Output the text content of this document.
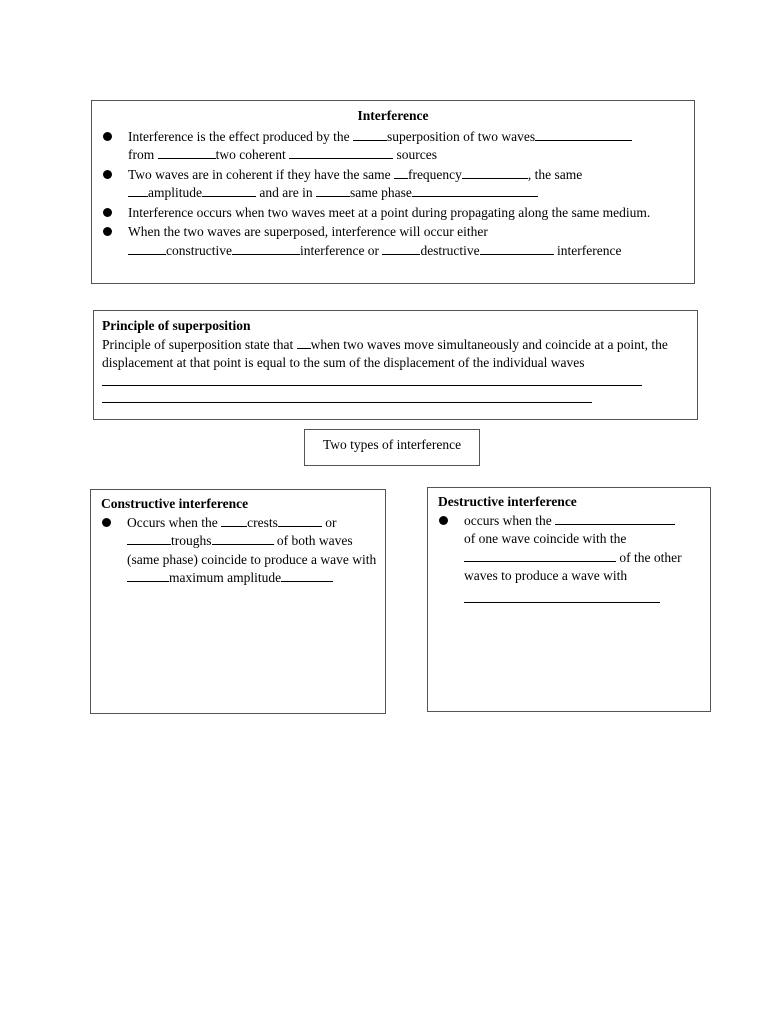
Interference
Interference is the effect produced by the	superposition of two waves
from	two coherent	sources
Two waves are in coherent if they have the same frequency	, the same
amplitude	and are in	same phase
Interference occurs when two waves meet at a point during propagating along the same medium.
When the two waves are superposed, interference will occur either
constructive	interference or	destructive	interference
Principle of superposition
Principle of superposition state that when two waves move simultaneously and coincide at a point, the displacement at that point is equal to the sum of the displacement of the individual waves
Two types of interference
Constructive interference
Occurs when the crests	or troughs	of both waves (same phase) coincide to produce a wave with maximum amplitude
Destructive interference
occurs when the
of one wave coincide with the
of the other waves to produce a wave with
